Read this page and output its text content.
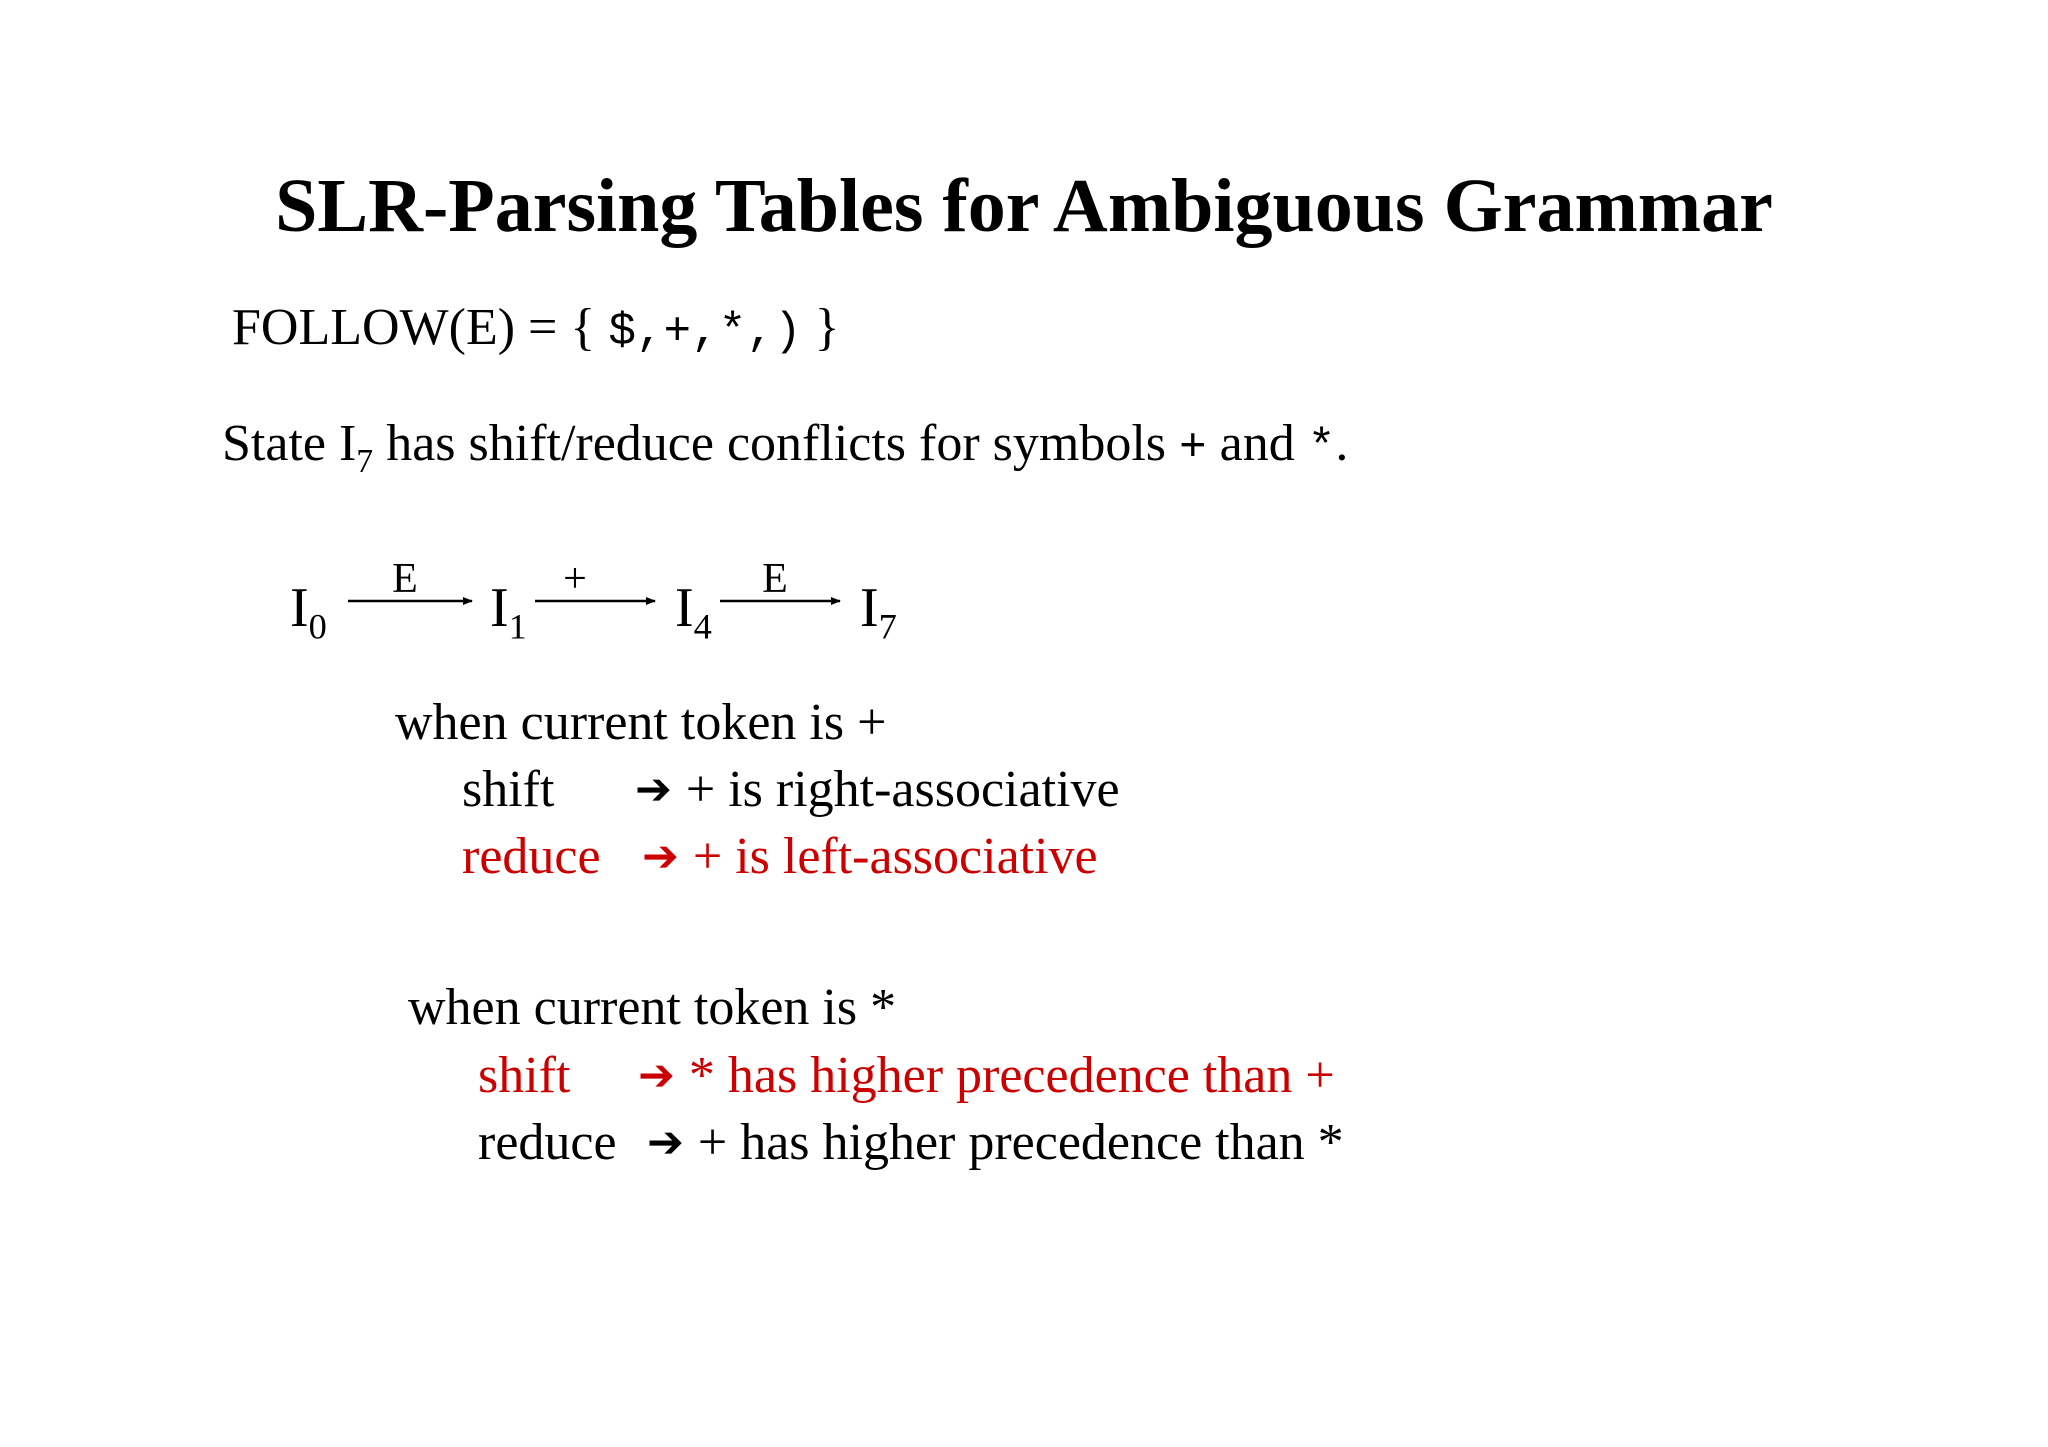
SLR-Parsing Tables for Ambiguous Grammar
FOLLOW(E) = { $,+,*,) }
State $I_7$ has shift/reduce conflicts for symbols + and *.
$I_0$	$I_1$	$I_4$	$I_7$
E	+	E
when current token is +
shift ➔ + is right-associative
reduce ➔ + is left-associative
when current token is *
shift ➔ * has higher precedence than +
reduce ➔ + has higher precedence than *
